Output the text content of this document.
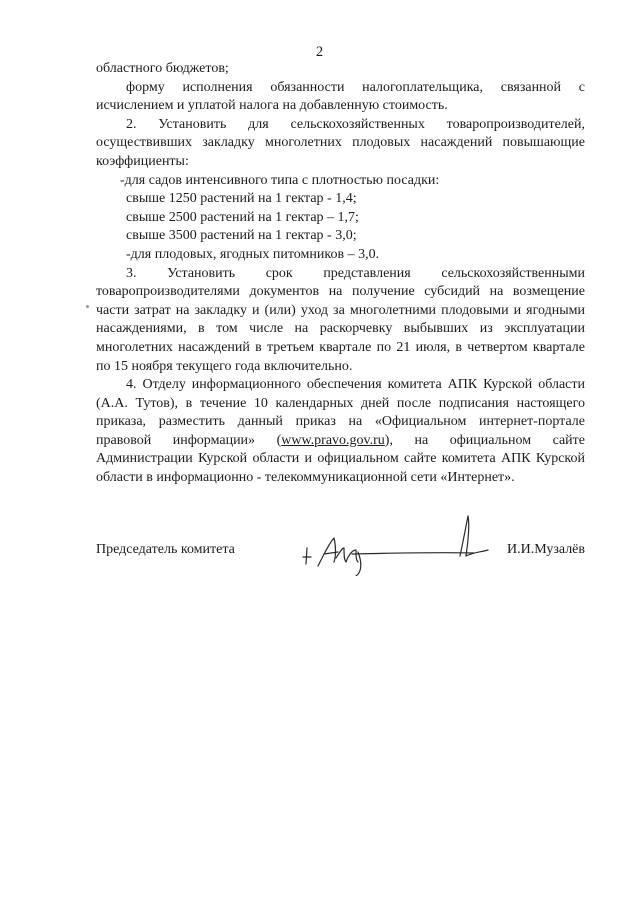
2

областного бюджетов;

форму исполнения обязанности налогоплательщика, связанной с исчислением и уплатой налога на добавленную стоимость.

2. Установить для сельскохозяйственных товаропроизводителей, осуществивших закладку многолетних плодовых насаждений повышающие коэффициенты:

-для садов интенсивного типа с плотностью посадки:

свыше 1250 растений на 1 гектар - 1,4;

свыше 2500 растений на 1 гектар – 1,7;

свыше 3500 растений на 1 гектар - 3,0;

-для плодовых, ягодных питомников – 3,0.

3. Установить срок представления сельскохозяйственными товаропроизводителями документов на получение субсидий на возмещение части затрат на закладку и (или) уход за многолетними плодовыми и ягодными насаждениями, в том числе на раскорчевку выбывших из эксплуатации многолетних насаждений в третьем квартале по 21 июля, в четвертом квартале по 15 ноября текущего года включительно.

4. Отделу информационного обеспечения комитета АПК Курской области (А.А. Тутов), в течение 10 календарных дней после подписания настоящего приказа, разместить данный приказ на «Официальном интернет-портале правовой информации» (www.pravo.gov.ru), на официальном сайте Администрации Курской области и официальном сайте комитета АПК Курской области в информационно - телекоммуникационной сети «Интернет».

Председатель комитета	И.И.Музалёв
